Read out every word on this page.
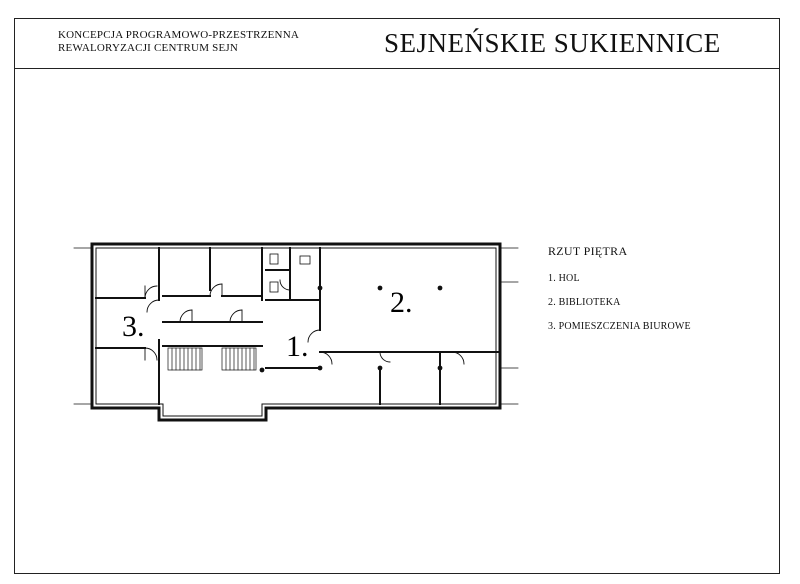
KONCEPCJA PROGRAMOWO-PRZESTRZENNA
REWALORYZACJI CENTRUM SEJN	SEJNEŃSKIE SUKIENNICE
1.
2.
3.
RZUT PIĘTRA
1. HOL
2. BIBLIOTEKA
3. POMIESZCZENIA BIUROWE
